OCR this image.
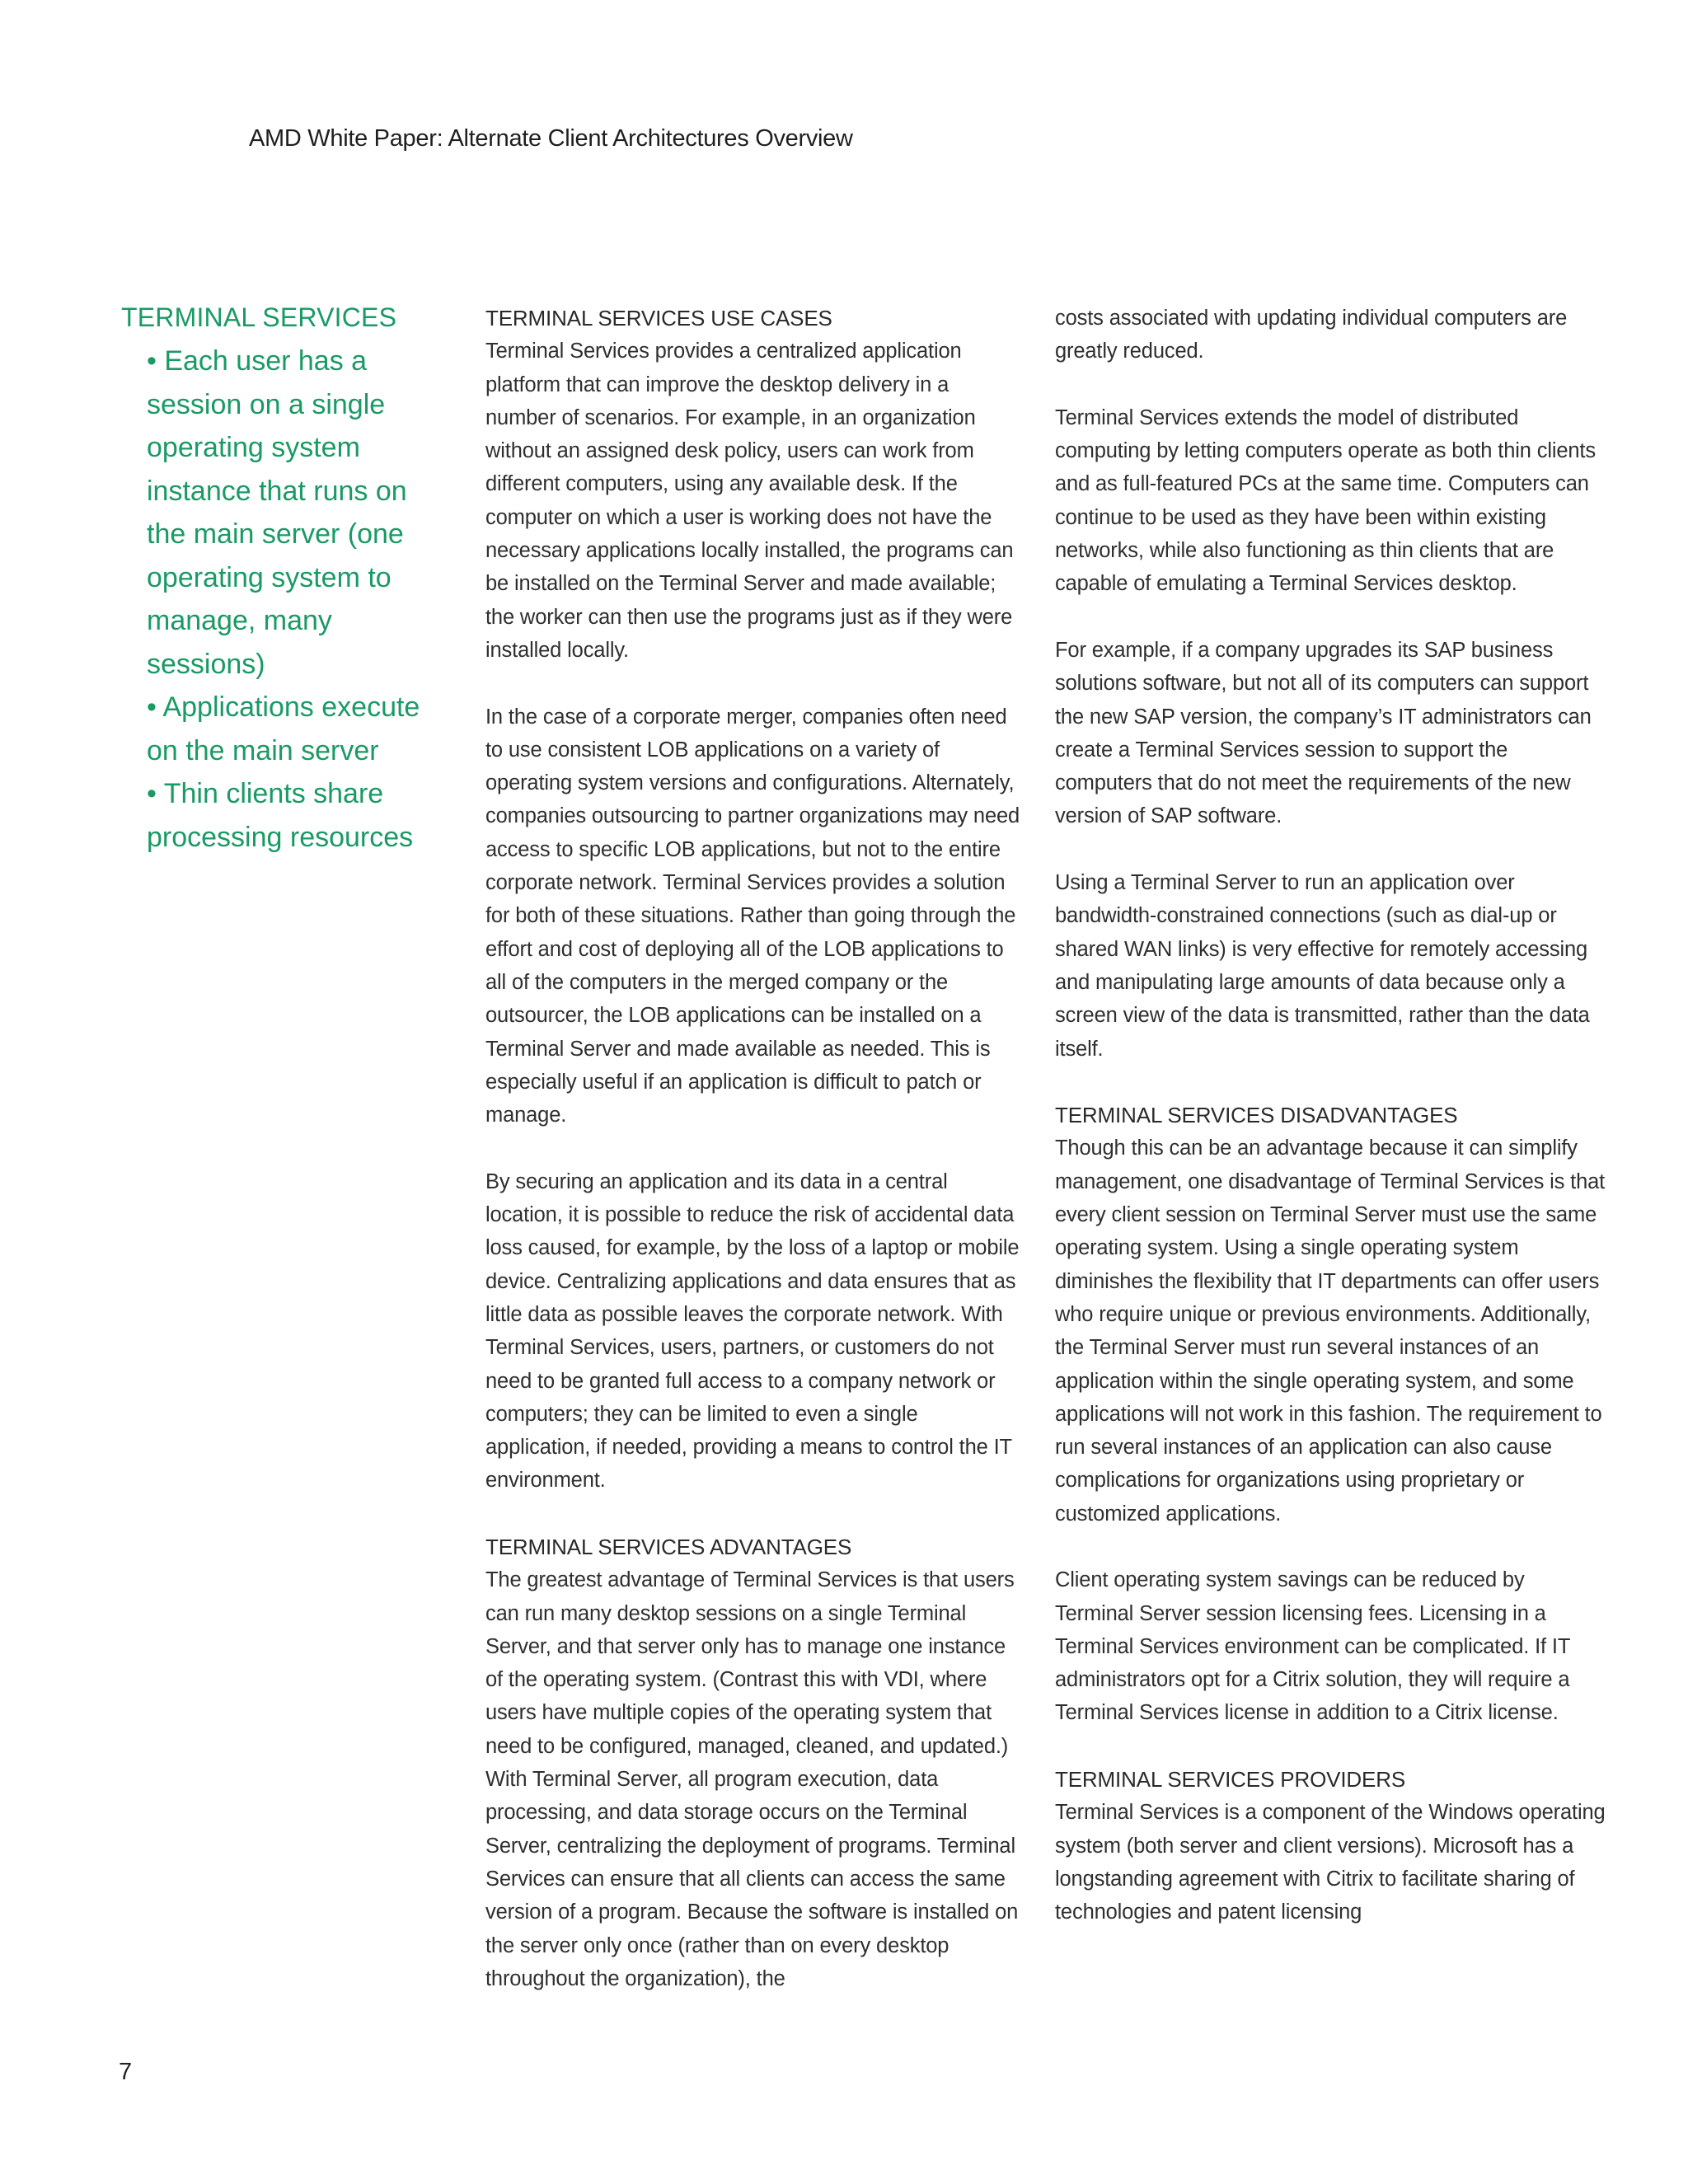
AMD White Paper: Alternate Client Architectures Overview
TERMINAL SERVICES
• Each user has a session on a single operating system instance that runs on the main server (one operating system to manage, many sessions)
• Applications execute on the main server
• Thin clients share processing resources
TERMINAL SERVICES USE CASES

Terminal Services provides a centralized application platform that can improve the desktop delivery in a number of scenarios. For example, in an organization without an assigned desk policy, users can work from different computers, using any available desk. If the computer on which a user is working does not have the necessary applications locally installed, the programs can be installed on the Terminal Server and made available; the worker can then use the programs just as if they were installed locally.

In the case of a corporate merger, companies often need to use consistent LOB applications on a variety of operating system versions and configurations. Alternately, companies outsourcing to partner organizations may need access to specific LOB applications, but not to the entire corporate network. Terminal Services provides a solution for both of these situations. Rather than going through the effort and cost of deploying all of the LOB applications to all of the computers in the merged company or the outsourcer, the LOB applications can be installed on a Terminal Server and made available as needed. This is especially useful if an application is difficult to patch or manage.

By securing an application and its data in a central location, it is possible to reduce the risk of accidental data loss caused, for example, by the loss of a laptop or mobile device. Centralizing applications and data ensures that as little data as possible leaves the corporate network. With Terminal Services, users, partners, or customers do not need to be granted full access to a company network or computers; they can be limited to even a single application, if needed, providing a means to control the IT environment.

TERMINAL SERVICES ADVANTAGES

The greatest advantage of Terminal Services is that users can run many desktop sessions on a single Terminal Server, and that server only has to manage one instance of the operating system. (Contrast this with VDI, where users have multiple copies of the operating system that need to be configured, managed, cleaned, and updated.) With Terminal Server, all program execution, data processing, and data storage occurs on the Terminal Server, centralizing the deployment of programs. Terminal Services can ensure that all clients can access the same version of a program. Because the software is installed on the server only once (rather than on every desktop throughout the organization), the

costs associated with updating individual computers are greatly reduced.

Terminal Services extends the model of distributed computing by letting computers operate as both thin clients and as full-featured PCs at the same time. Computers can continue to be used as they have been within existing networks, while also functioning as thin clients that are capable of emulating a Terminal Services desktop.

For example, if a company upgrades its SAP business solutions software, but not all of its computers can support the new SAP version, the company’s IT administrators can create a Terminal Services session to support the computers that do not meet the requirements of the new version of SAP software.

Using a Terminal Server to run an application over bandwidth-constrained connections (such as dial-up or shared WAN links) is very effective for remotely accessing and manipulating large amounts of data because only a screen view of the data is transmitted, rather than the data itself.

TERMINAL SERVICES DISADVANTAGES

Though this can be an advantage because it can simplify management, one disadvantage of Terminal Services is that every client session on Terminal Server must use the same operating system. Using a single operating system diminishes the flexibility that IT departments can offer users who require unique or previous environments. Additionally, the Terminal Server must run several instances of an application within the single operating system, and some applications will not work in this fashion. The requirement to run several instances of an application can also cause complications for organizations using proprietary or customized applications.

Client operating system savings can be reduced by Terminal Server session licensing fees. Licensing in a Terminal Services environment can be complicated. If IT administrators opt for a Citrix solution, they will require a Terminal Services license in addition to a Citrix license.

TERMINAL SERVICES PROVIDERS

Terminal Services is a component of the Windows operating system (both server and client versions). Microsoft has a longstanding agreement with Citrix to facilitate sharing of technologies and patent licensing

7
